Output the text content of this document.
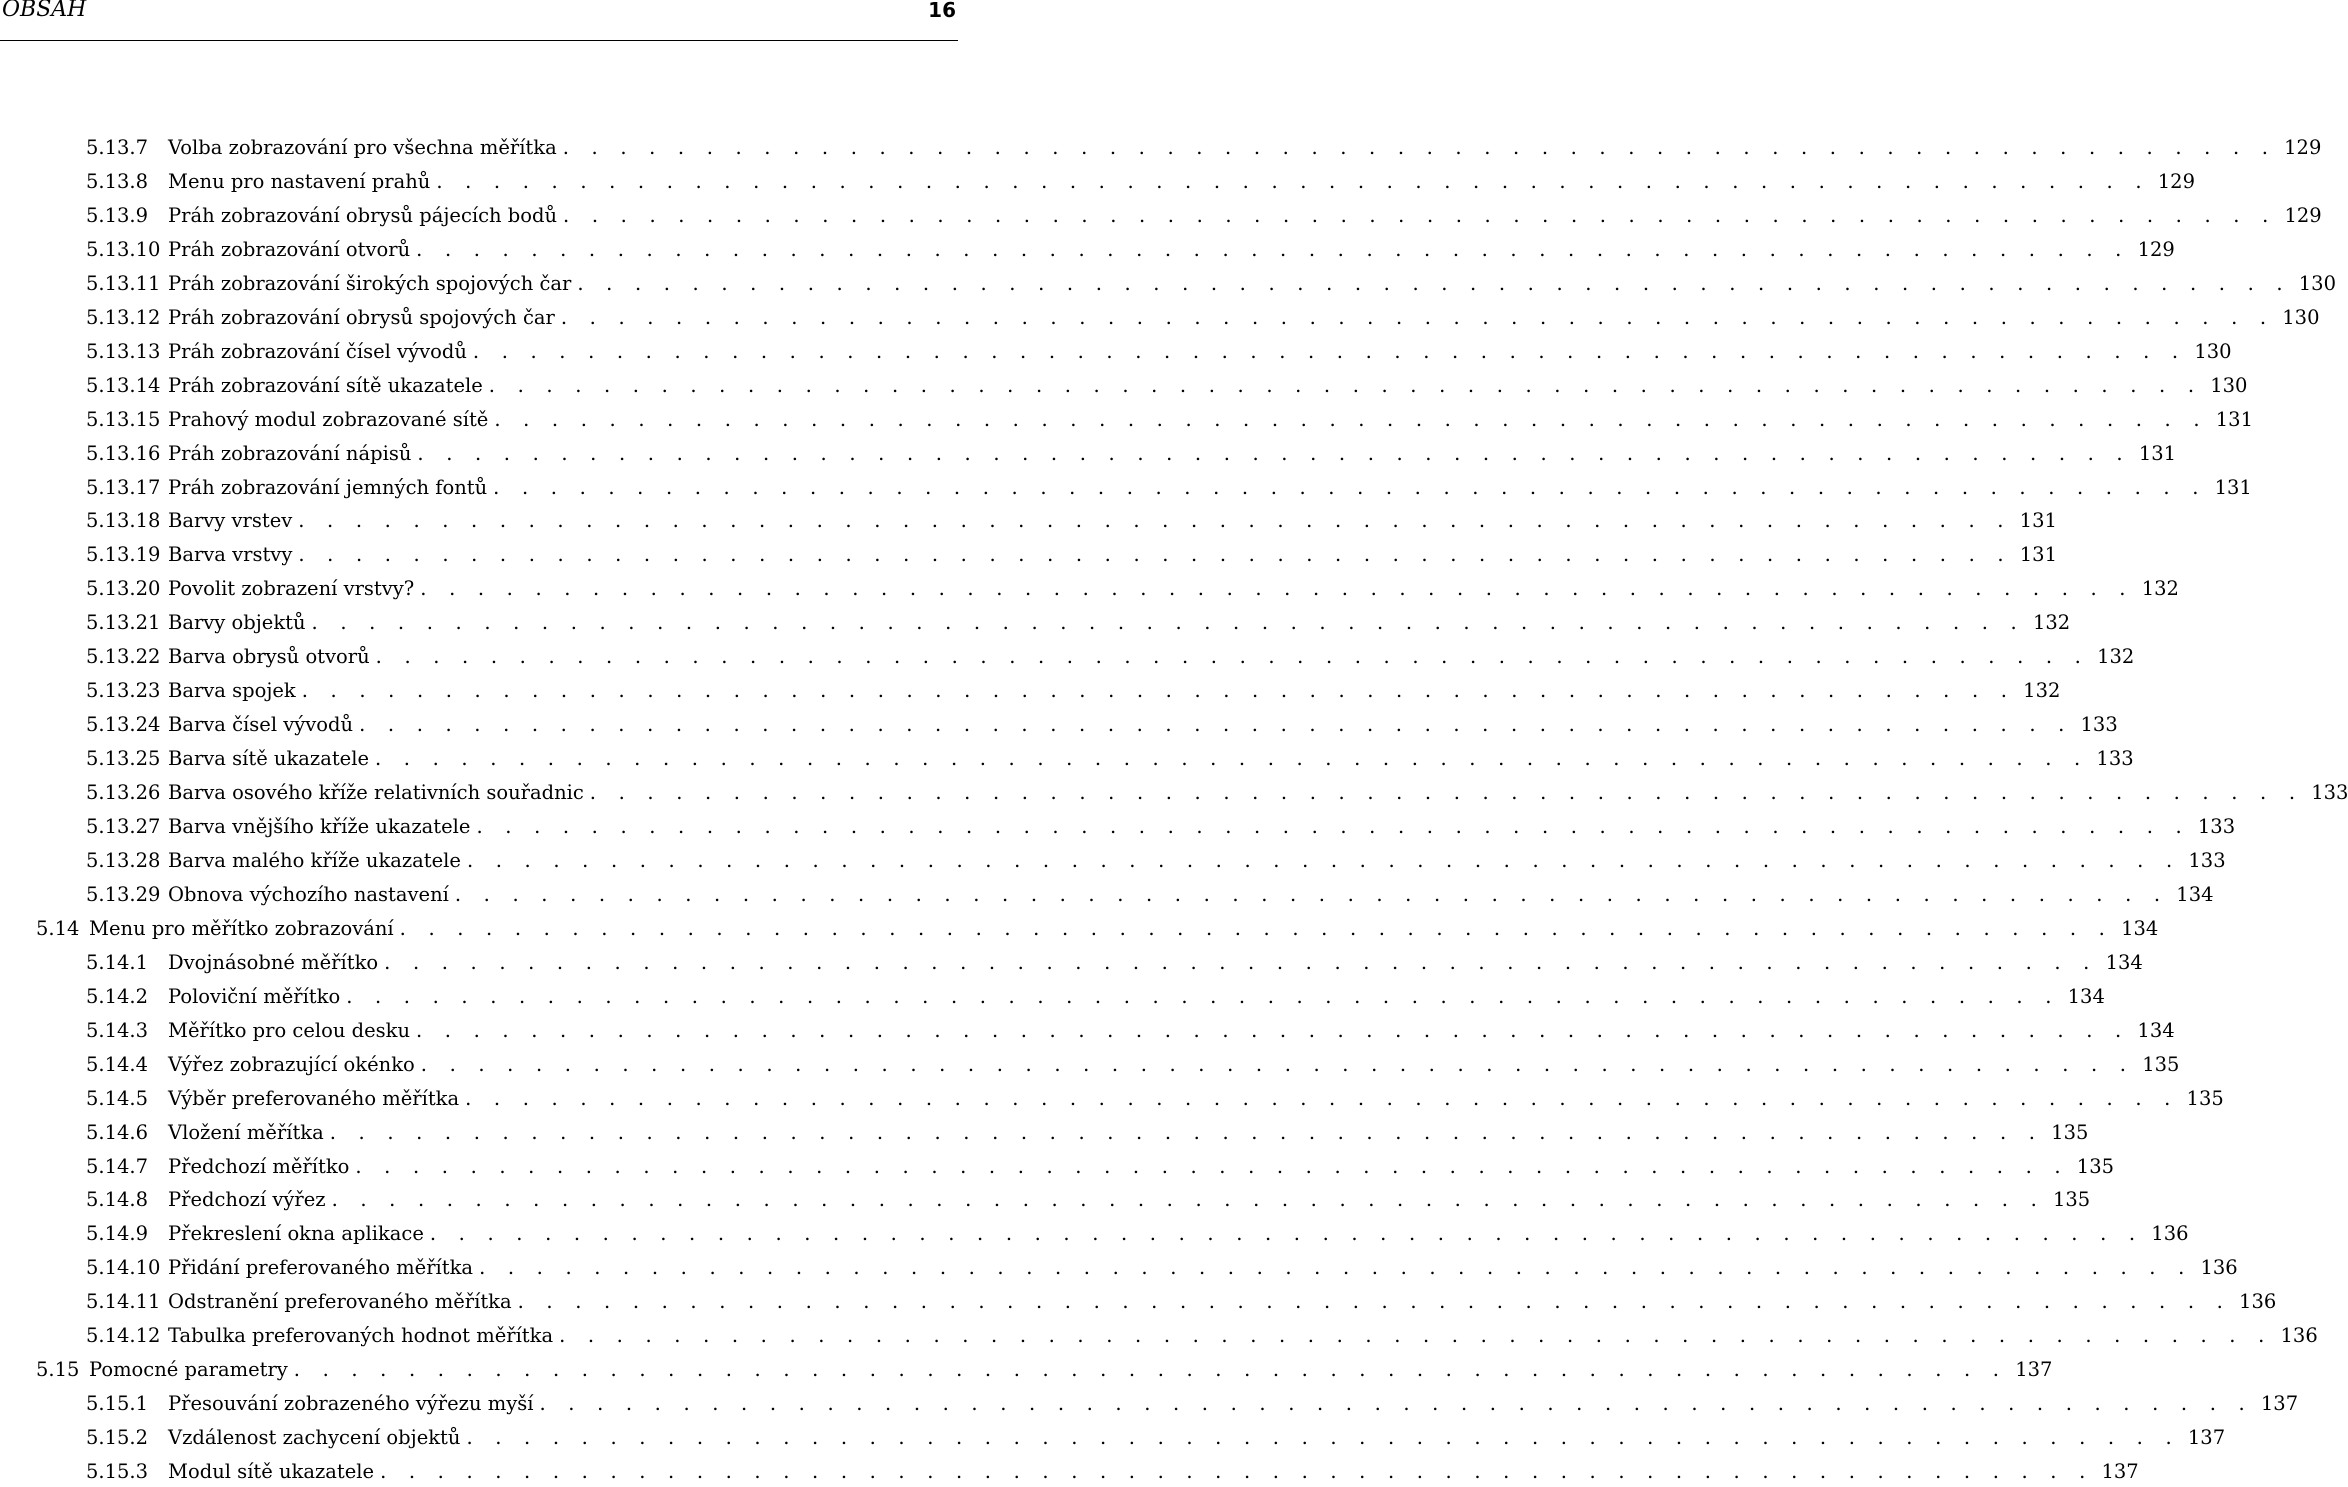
OBSAH	16
5.13.7	Volba zobrazování pro všechna měřítka . . . . . . . . . . . . . . . . . . . . . . . . . . . . . . . . . . . . . . . . . . . . . . . . . . . . . . . . . . . . 129
5.13.8	Menu pro nastavení prahů . . . . . . . . . . . . . . . . . . . . . . . . . . . . . . . . . . . . . . . . . . . . . . . . . . . . . . . . . . . . 129
5.13.9	Práh zobrazování obrysů pájecích bodů . . . . . . . . . . . . . . . . . . . . . . . . . . . . . . . . . . . . . . . . . . . . . . . . . . . . . . . . . . . . 129
5.13.10 Práh zobrazování otvorů . . . . . . . . . . . . . . . . . . . . . . . . . . . . . . . . . . . . . . . . . . . . . . . . . . . . . . . . . . . . 129
5.13.11 Práh zobrazování širokých spojových čar . . . . . . . . . . . . . . . . . . . . . . . . . . . . . . . . . . . . . . . . . . . . . . . . . . . . . . . . . . . . 130
5.13.12 Práh zobrazování obrysů spojových čar . . . . . . . . . . . . . . . . . . . . . . . . . . . . . . . . . . . . . . . . . . . . . . . . . . . . . . . . . . . . 130
5.13.13 Práh zobrazování čísel vývodů . . . . . . . . . . . . . . . . . . . . . . . . . . . . . . . . . . . . . . . . . . . . . . . . . . . . . . . . . . . . 130
5.13.14 Práh zobrazování sítě ukazatele . . . . . . . . . . . . . . . . . . . . . . . . . . . . . . . . . . . . . . . . . . . . . . . . . . . . . . . . . . . . 130
5.13.15 Prahový modul zobrazované sítě . . . . . . . . . . . . . . . . . . . . . . . . . . . . . . . . . . . . . . . . . . . . . . . . . . . . . . . . . . . . 131
5.13.16 Práh zobrazování nápisů . . . . . . . . . . . . . . . . . . . . . . . . . . . . . . . . . . . . . . . . . . . . . . . . . . . . . . . . . . . . 131
5.13.17 Práh zobrazování jemných fontů . . . . . . . . . . . . . . . . . . . . . . . . . . . . . . . . . . . . . . . . . . . . . . . . . . . . . . . . . . . . 131
5.13.18 Barvy vrstev . . . . . . . . . . . . . . . . . . . . . . . . . . . . . . . . . . . . . . . . . . . . . . . . . . . . . . . . . . . . 131
5.13.19 Barva vrstvy . . . . . . . . . . . . . . . . . . . . . . . . . . . . . . . . . . . . . . . . . . . . . . . . . . . . . . . . . . . . 131
5.13.20 Povolit zobrazení vrstvy? . . . . . . . . . . . . . . . . . . . . . . . . . . . . . . . . . . . . . . . . . . . . . . . . . . . . . . . . . . . . 132
5.13.21 Barvy objektů . . . . . . . . . . . . . . . . . . . . . . . . . . . . . . . . . . . . . . . . . . . . . . . . . . . . . . . . . . . . 132
5.13.22 Barva obrysů otvorů . . . . . . . . . . . . . . . . . . . . . . . . . . . . . . . . . . . . . . . . . . . . . . . . . . . . . . . . . . . . 132
5.13.23 Barva spojek . . . . . . . . . . . . . . . . . . . . . . . . . . . . . . . . . . . . . . . . . . . . . . . . . . . . . . . . . . . . 132
5.13.24 Barva čísel vývodů . . . . . . . . . . . . . . . . . . . . . . . . . . . . . . . . . . . . . . . . . . . . . . . . . . . . . . . . . . . . 133
5.13.25 Barva sítě ukazatele . . . . . . . . . . . . . . . . . . . . . . . . . . . . . . . . . . . . . . . . . . . . . . . . . . . . . . . . . . . . 133
5.13.26 Barva osového kříže relativních souřadnic . . . . . . . . . . . . . . . . . . . . . . . . . . . . . . . . . . . . . . . . . . . . . . . . . . . . . . . . . . . . 133
5.13.27 Barva vnějšího kříže ukazatele . . . . . . . . . . . . . . . . . . . . . . . . . . . . . . . . . . . . . . . . . . . . . . . . . . . . . . . . . . . . 133
5.13.28 Barva malého kříže ukazatele . . . . . . . . . . . . . . . . . . . . . . . . . . . . . . . . . . . . . . . . . . . . . . . . . . . . . . . . . . . . 133
5.13.29 Obnova výchozího nastavení . . . . . . . . . . . . . . . . . . . . . . . . . . . . . . . . . . . . . . . . . . . . . . . . . . . . . . . . . . . . 134
5.14 Menu pro měřítko zobrazování . . . . . . . . . . . . . . . . . . . . . . . . . . . . . . . . . . . . . . . . . . . . . . . . . . . . . . . . . . . . 134
5.14.1	Dvojnásobné měřítko . . . . . . . . . . . . . . . . . . . . . . . . . . . . . . . . . . . . . . . . . . . . . . . . . . . . . . . . . . . . 134
5.14.2	Poloviční měřítko . . . . . . . . . . . . . . . . . . . . . . . . . . . . . . . . . . . . . . . . . . . . . . . . . . . . . . . . . . . . 134
5.14.3	Měřítko pro celou desku . . . . . . . . . . . . . . . . . . . . . . . . . . . . . . . . . . . . . . . . . . . . . . . . . . . . . . . . . . . . 134
5.14.4	Výřez zobrazující okénko . . . . . . . . . . . . . . . . . . . . . . . . . . . . . . . . . . . . . . . . . . . . . . . . . . . . . . . . . . . . 135
5.14.5	Výběr preferovaného měřítka . . . . . . . . . . . . . . . . . . . . . . . . . . . . . . . . . . . . . . . . . . . . . . . . . . . . . . . . . . . . 135
5.14.6	Vložení měřítka . . . . . . . . . . . . . . . . . . . . . . . . . . . . . . . . . . . . . . . . . . . . . . . . . . . . . . . . . . . . 135
5.14.7	Předchozí měřítko . . . . . . . . . . . . . . . . . . . . . . . . . . . . . . . . . . . . . . . . . . . . . . . . . . . . . . . . . . . . 135
5.14.8	Předchozí výřez . . . . . . . . . . . . . . . . . . . . . . . . . . . . . . . . . . . . . . . . . . . . . . . . . . . . . . . . . . . . 135
5.14.9	Překreslení okna aplikace . . . . . . . . . . . . . . . . . . . . . . . . . . . . . . . . . . . . . . . . . . . . . . . . . . . . . . . . . . . . 136
5.14.10 Přidání preferovaného měřítka . . . . . . . . . . . . . . . . . . . . . . . . . . . . . . . . . . . . . . . . . . . . . . . . . . . . . . . . . . . . 136
5.14.11 Odstranění preferovaného měřítka . . . . . . . . . . . . . . . . . . . . . . . . . . . . . . . . . . . . . . . . . . . . . . . . . . . . . . . . . . . . 136
5.14.12 Tabulka preferovaných hodnot měřítka . . . . . . . . . . . . . . . . . . . . . . . . . . . . . . . . . . . . . . . . . . . . . . . . . . . . . . . . . . . . 136
5.15 Pomocné parametry . . . . . . . . . . . . . . . . . . . . . . . . . . . . . . . . . . . . . . . . . . . . . . . . . . . . . . . . . . . . 137
5.15.1	Přesouvání zobrazeného výřezu myší . . . . . . . . . . . . . . . . . . . . . . . . . . . . . . . . . . . . . . . . . . . . . . . . . . . . . . . . . . . . 137
5.15.2	Vzdálenost zachycení objektů . . . . . . . . . . . . . . . . . . . . . . . . . . . . . . . . . . . . . . . . . . . . . . . . . . . . . . . . . . . . 137
5.15.3	Modul sítě ukazatele . . . . . . . . . . . . . . . . . . . . . . . . . . . . . . . . . . . . . . . . . . . . . . . . . . . . . . . . . . . . 137
